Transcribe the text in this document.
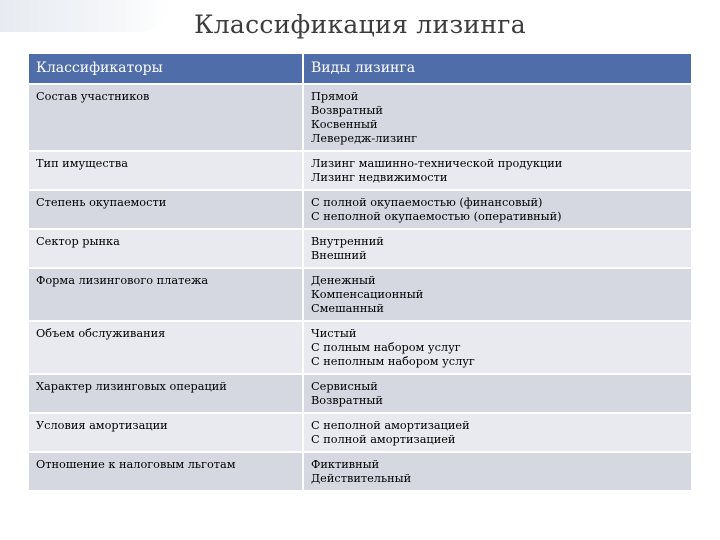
Классификация лизинга
Классификаторы	Виды лизинга
Состав участников	Прямой
Возвратный
Косвенный
Левередж-лизинг

Тип имущества	Лизинг машинно-технической продукции
Лизинг недвижимости

Степень окупаемости	С полной окупаемостью (финансовый)
С неполной окупаемостью (оперативный)

Сектор рынка	Внутренний
Внешний

Форма лизингового платежа	Денежный
Компенсационный
Смешанный

Объем обслуживания	Чистый
С полным набором услуг
С неполным набором услуг

Характер лизинговых операций	Сервисный
Возвратный

Условия амортизации	С неполной амортизацией
С полной амортизацией

Отношение к налоговым льготам	Фиктивный
Действительный
